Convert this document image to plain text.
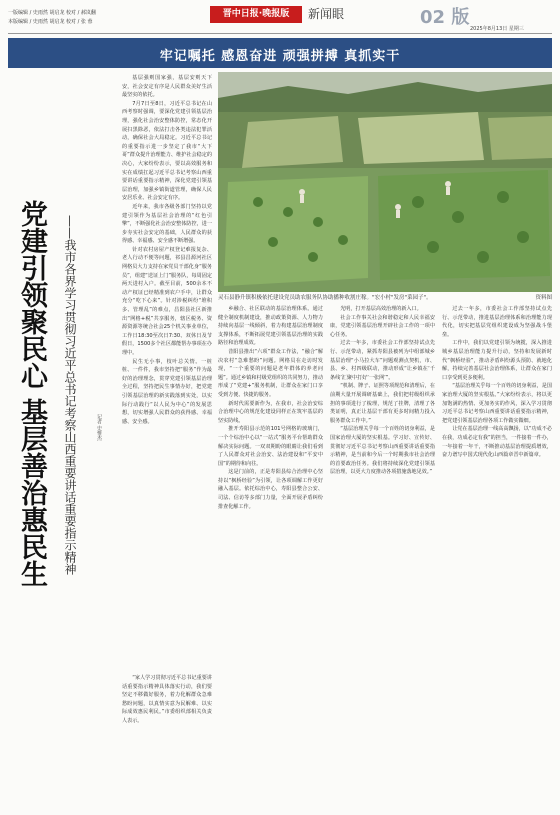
一版编辑 / 史雨然 胡启龙 校对 / 郝岚翻
本版编辑 / 史雨然 胡启龙 校对 / 张 蓉
晋中日报·晚报版	新闻眼	02 版
2025年8月13日 星期三
牢记嘱托 感恩奋进 顽强拼搏 真抓实干
灵石县静升镇积极依托建设党员助农服务队协助播种收割庄稼。"宏小村"发房"菜园子"。	资料图
党建引领聚民心 基层善治惠民生 ——我市各界学习贯彻习近平总书记考察山西重要讲话重要指示精神	记者 史惟杰

基层强则国家强，基层安则天下安，社会安定有序是人民群众美好生活最坚实的依托。

7月7日至8日，习近平总书记在山西考察时强调，要深化党建引领基层治理，强化社会治安整体防控，常态化开展扫黑除恶，依法打击各类违法犯罪活动，确保社会大局稳定。习近平总书记的重要指示进一步坚定了我市“大下哥”群众提升治理能力、维护社会稳定的决心，大家纷纷表示，要以高效服务和实在成绩扛起习近平总书记考察山西重要讲话重要指示精神，深化党建引领基层治理，加强乡镇街道管理，确保人民安居乐业、社会安定有序。

近年来，我市各级各部门坚持以党建引领作为基层社会治理的“红色引擎”，不断强化社会治安整体防控，进一步夯实社会安定的基础，人民群众的获得感、幸福感、安全感不断增强。

针对农村房屋产权登记难报复杂、老人行动不便等问题，祁县昌源河社区网格员大力支持在家党员干部化身“服务员”，组建“送证上门”服务队，每周固定两天进村入户。截至目前，500余本不动产权证已经精准到农户手中，让群众充分“吃下心来”。针对涉税纠纷“堆积多、管理乱”的难点，昌阳县社区新推出“网格+税”共享服务，辖区税务、资源资源等统合社会25个机关事业单位，工作日18:30至次日7:30、双休日及节假日，1500多个社区都能帮办事项在办理中。

民生无小事，枝叶总关情。一桩桩、一件件，我市坚持把“服务”作为最好的治理理念，贯穿党建引领基层治理全过程，坚持把民生事情办好，把党建引领基层治理的新实践落到实处，以实际行动践行“以人民为中心”的发展思想，切实增强人民群众的获得感、幸福感、安全感。

“家人学习贯彻习近平总书记重要讲话重要指示精神具体落实行动，我们要坚定不移做好服务，着力化解群众急难愁盼问题，以真情实意为民解难、以实际成效惠民利民。”市委组织部相关负责人表示。

乡融合、社区联动的基层治理体系。通过健全制度机制建设，推动政策资源、人力物力持续向基层一线倾斜，着力构建基层治理制度支撑体系，不断拓展党建引领基层治理的实践路径和治理成效。

昔阳县推出“六项”群众工作法，“融合”解决农村“急难愁盼”问题。网格员在走访时发现，“一个重要的问题是老年群体的养老问题”。通过乡镇和村级党组织的共同努力，推动形成了“党建+”服务机制，让群众在家门口享受到方便、快捷的服务。

新时代需要新作为，在我市，社会治安综合治理中心的规范化建设同样正在筑牢基层的坚实防线。

推开寿阳县示范的101号网格的玻璃门，一个个综治中心以“一站式”服务平台帮助群众解决实际问题。一双双期盼的眼睛让我们看到了人民群众对社会治安、法治建设和“平安中国”的期待和向往。

这是门前的，正是寿阳县综合治理中心坚持以“枫桥经验”为引领，让各项调解工作更好融入基层。依托综治中心，寿阳县整合公安、司法、信访等多部门力量，全面开展矛盾纠纷排查化解工作。

光明，打开基层高效治理的新入口。

社会工作事关社会和谐稳定和人民幸福安康，党建引领基层治理开辟社会工作的一项中心任务。

过去一年多，市委社会工作部坚持试点先行、示范带动，紧抓寿阳县被列为中组部城乡基层治理“小马拉大车”问题观测点契机，市、县、乡、村四级联动，推动形成“让乡镇在‘千条线’汇聚中打好‘一张网’”。

“机制、牌子、证照等项规范和清理后，在前期大量开展调研基础上，我们把村级组织承担的事项进行了梳理，规范了挂牌，清理了各类证明，真正让基层干部有更多时间精力投入服务群众工作中。”

“基层治理关乎每一个百姓的切身利益，是国家治理大厦的坚实根基。学习好、宣传好、贯彻好习近平总书记考察山西重要讲话重要指示精神，是当前和今后一个时期我市社会治理的首要政治任务。我们将持续深化党建引领基层治理，以更大力度推动各项措施落地见效。”

过去一年多，市委社会工作部坚持试点先行、示范带动，推进基层治理体系和治理能力现代化，切实把基层党组织建设成为坚强战斗堡垒。

工作中，我们以党建引领为统揽，深入推进城乡基层治理能力提升行动，坚持和发展新时代“枫桥经验”，推动矛盾纠纷源头预防、就地化解，持续完善基层社会治理体系，让群众在家门口享受到更多便利。

“基层治理关乎每一个百姓的切身利益，是国家治理大厦的坚实根基。”大家纷纷表示，将以更加饱满的热情、更加务实的作风，深入学习贯彻习近平总书记考察山西重要讲话重要指示精神，把党建引领基层治理各项工作做实做细。

让党在基层治理一线高高飘扬，以“功成不必在我，功成必定有我”的担当，一件接着一件办，一年接着一年干，不断推动基层治理提质增效，奋力谱写中国式现代化山西篇章晋中新篇章。
